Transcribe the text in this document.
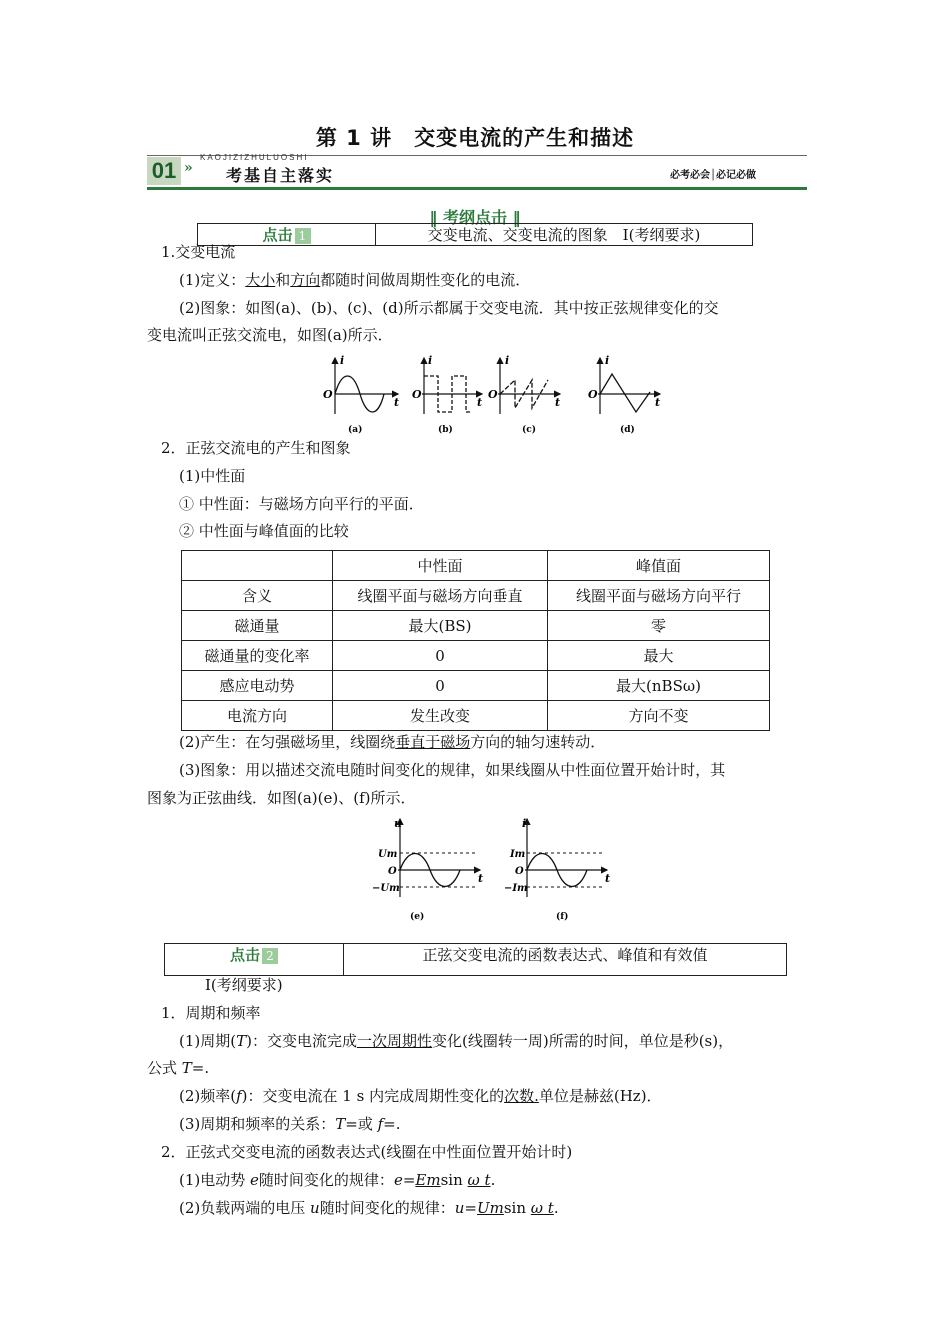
第 1 讲　交变电流的产生和描述
01 »
KAOJIZIZHULUOSHI
考基自主落实	必考必会│必记必做
‖ 考纲点击 ‖
点击 1	交变电流、交变电流的图象　Ⅰ(考纲要求)
1.交变电流
(1)定义：大小和方向都随时间做周期性变化的电流．
(2)图象：如图(a)、(b)、(c)、(d)所示都属于交变电流．其中按正弦规律变化的交
变电流叫正弦交流电，如图(a)所示．
i
t
O
(a)
i
t
O
(b)
i
t
O
(c)
i
t
O
(d)
2．正弦交流电的产生和图象
(1)中性面
① 中性面：与磁场方向平行的平面．
② 中性面与峰值面的比较
	中性面	峰值面
含义	线圈平面与磁场方向垂直	线圈平面与磁场方向平行
磁通量	最大(BS)	零
磁通量的变化率	0	最大
感应电动势	0	最大(nBSω)
电流方向	发生改变	方向不变
(2)产生：在匀强磁场里，线圈绕垂直于磁场方向的轴匀速转动．
(3)图象：用以描述交流电随时间变化的规律，如果线圈从中性面位置开始计时，其
图象为正弦曲线．如图(a)(e)、(f)所示．
u
Um
O
−Um
t
(e)
i
Im
O
−Im
t
(f)
点击 2	正弦交变电流的函数表达式、峰值和有效值
Ⅰ(考纲要求)
1．周期和频率
(1)周期(T)：交变电流完成一次周期性变化(线圈转一周)所需的时间，单位是秒(s)，
公式 T=.
(2)频率(f)：交变电流在 1 s 内完成周期性变化的次数.单位是赫兹(Hz)．
(3)周期和频率的关系：T=或 f=.
2．正弦式交变电流的函数表达式(线圈在中性面位置开始计时)
(1)电动势 e随时间变化的规律：e=Emsin ω t.
(2)负载两端的电压 u随时间变化的规律：u=Umsin ω t.
